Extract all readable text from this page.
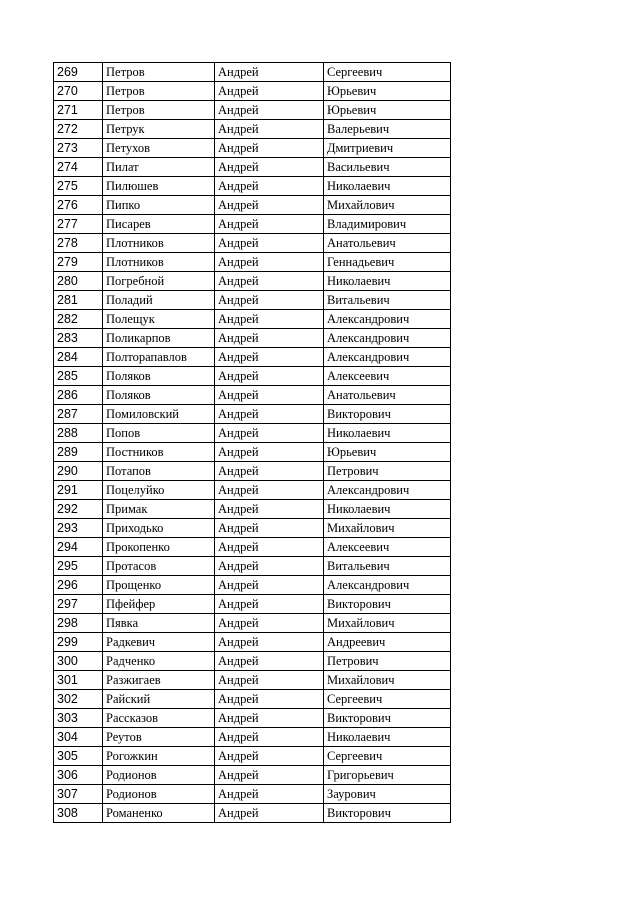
269	Петров	Андрей	Сергеевич
270	Петров	Андрей	Юрьевич
271	Петров	Андрей	Юрьевич
272	Петрук	Андрей	Валерьевич
273	Петухов	Андрей	Дмитриевич
274	Пилат	Андрей	Васильевич
275	Пилюшев	Андрей	Николаевич
276	Пипко	Андрей	Михайлович
277	Писарев	Андрей	Владимирович
278	Плотников	Андрей	Анатольевич
279	Плотников	Андрей	Геннадьевич
280	Погребной	Андрей	Николаевич
281	Поладий	Андрей	Витальевич
282	Полещук	Андрей	Александрович
283	Поликарпов	Андрей	Александрович
284	Полторапавлов	Андрей	Александрович
285	Поляков	Андрей	Алексеевич
286	Поляков	Андрей	Анатольевич
287	Помиловский	Андрей	Викторович
288	Попов	Андрей	Николаевич
289	Постников	Андрей	Юрьевич
290	Потапов	Андрей	Петрович
291	Поцелуйко	Андрей	Александрович
292	Примак	Андрей	Николаевич
293	Приходько	Андрей	Михайлович
294	Прокопенко	Андрей	Алексеевич
295	Протасов	Андрей	Витальевич
296	Прощенко	Андрей	Александрович
297	Пфейфер	Андрей	Викторович
298	Пявка	Андрей	Михайлович
299	Радкевич	Андрей	Андреевич
300	Радченко	Андрей	Петрович
301	Разжигаев	Андрей	Михайлович
302	Райский	Андрей	Сергеевич
303	Рассказов	Андрей	Викторович
304	Реутов	Андрей	Николаевич
305	Рогожкин	Андрей	Сергеевич
306	Родионов	Андрей	Григорьевич
307	Родионов	Андрей	Заурович
308	Романенко	Андрей	Викторович
